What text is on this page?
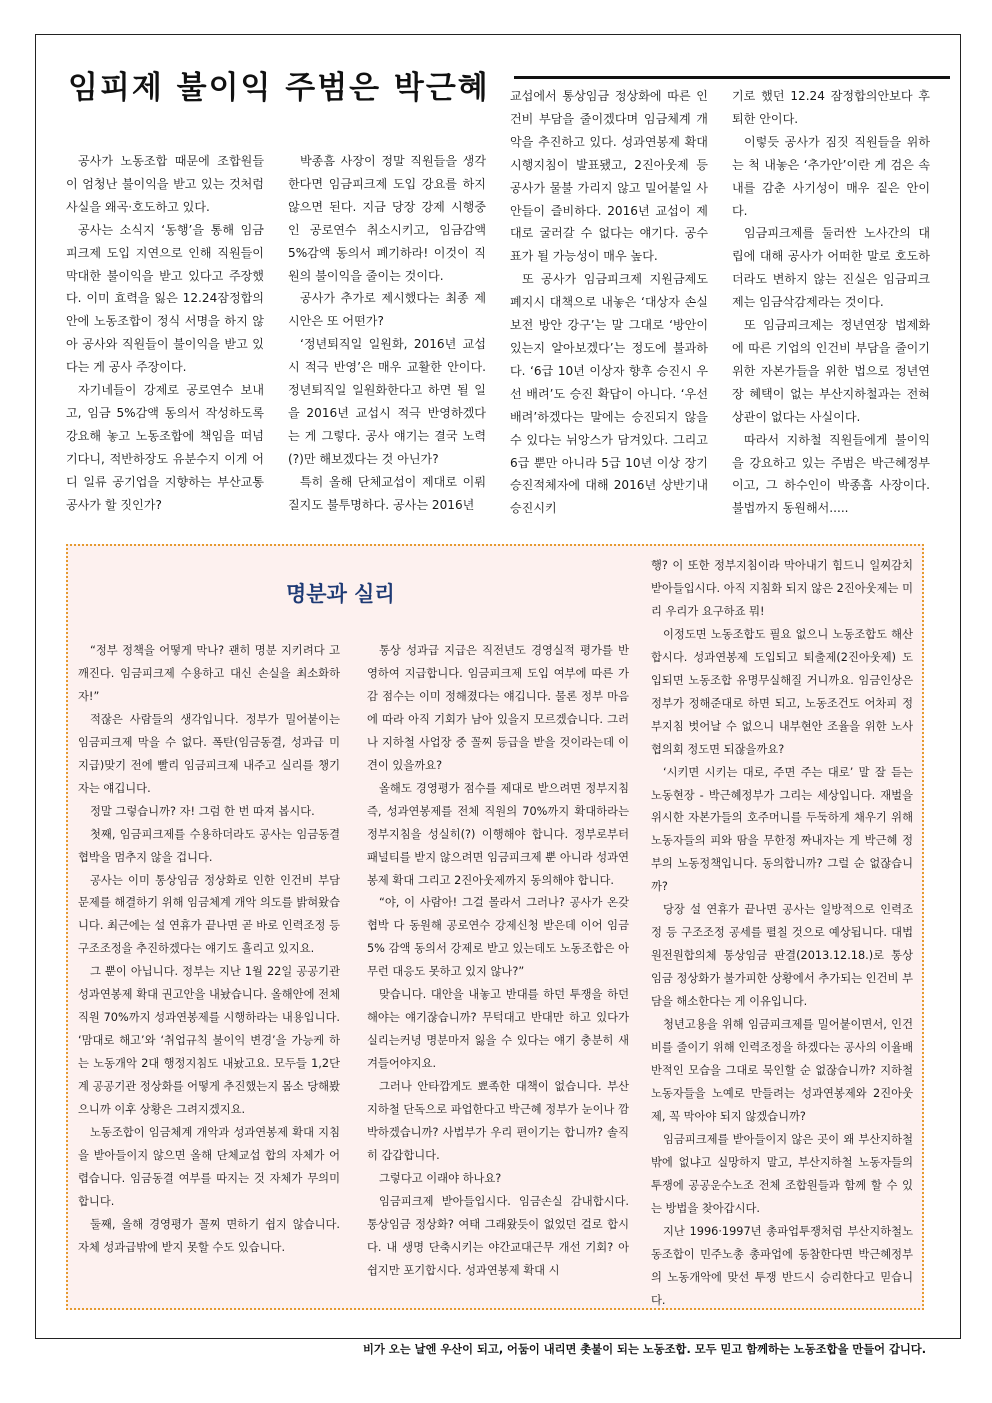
임피제 불이익 주범은 박근혜

공사가 노동조합 때문에 조합원들이 엄청난 불이익을 받고 있는 것처럼 사실을 왜곡·호도하고 있다.

공사는 소식지 ‘동행’을 통해 임금피크제 도입 지연으로 인해 직원들이 막대한 불이익을 받고 있다고 주장했다. 이미 효력을 잃은 12.24잠정합의안에 노동조합이 정식 서명을 하지 않아 공사와 직원들이 불이익을 받고 있다는 게 공사 주장이다.

자기네들이 강제로 공로연수 보내고, 임금 5%감액 동의서 작성하도록 강요해 놓고 노동조합에 책임을 떠넘기다니, 적반하장도 유분수지 이게 어디 일류 공기업을 지향하는 부산교통공사가 할 짓인가?

박종흠 사장이 정말 직원들을 생각한다면 임금피크제 도입 강요를 하지 않으면 된다. 지금 당장 강제 시행중인 공로연수 취소시키고, 임금감액 5%감액 동의서 폐기하라! 이것이 직원의 불이익을 줄이는 것이다.

공사가 추가로 제시했다는 최종 제시안은 또 어떤가?

‘정년퇴직일 일원화, 2016년 교섭시 적극 반영’은 매우 교활한 안이다. 정년퇴직일 일원화한다고 하면 될 일을 2016년 교섭시 적극 반영하겠다는 게 그렇다. 공사 얘기는 결국 노력(?)만 해보겠다는 것 아닌가?

특히 올해 단체교섭이 제대로 이뤄질지도 불투명하다. 공사는 2016년

교섭에서 통상임금 정상화에 따른 인건비 부담을 줄이겠다며 임금체계 개악을 추진하고 있다. 성과연봉제 확대 시행지침이 발표됐고, 2진아웃제 등 공사가 물불 가리지 않고 밀어붙일 사안들이 즐비하다. 2016년 교섭이 제대로 굴러갈 수 없다는 얘기다. 공수표가 될 가능성이 매우 높다.

또 공사가 임금피크제 지원금제도 폐지시 대책으로 내놓은 ‘대상자 손실보전 방안 강구’는 말 그대로 ‘방안이 있는지 알아보겠다’는 정도에 불과하다. ‘6급 10년 이상자 향후 승진시 우선 배려’도 승진 확답이 아니다. ‘우선 배려’하겠다는 말에는 승진되지 않을 수 있다는 뉘앙스가 담겨있다. 그리고 6급 뿐만 아니라 5급 10년 이상 장기승진적체자에 대해 2016년 상반기내 승진시키

기로 했던 12.24 잠정합의안보다 후퇴한 안이다.

이렇듯 공사가 짐짓 직원들을 위하는 척 내놓은 ‘추가안’이란 게 검은 속내를 감춘 사기성이 매우 짙은 안이다.

임금피크제를 둘러싼 노사간의 대립에 대해 공사가 어떠한 말로 호도하더라도 변하지 않는 진실은 임금피크제는 임금삭감제라는 것이다.

또 임금피크제는 정년연장 법제화에 따른 기업의 인건비 부담을 줄이기 위한 자본가들을 위한 법으로 정년연장 혜택이 없는 부산지하철과는 전혀 상관이 없다는 사실이다.

따라서 지하철 직원들에게 불이익을 강요하고 있는 주범은 박근혜정부이고, 그 하수인이 박종흠 사장이다. 불법까지 동원해서.....

명분과 실리

“정부 정책을 어떻게 막나? 괜히 명분 지키려다 고 깨진다. 임금피크제 수용하고 대신 손실을 최소화하자!”

적잖은 사람들의 생각입니다. 정부가 밀어붙이는 임금피크제 막을 수 없다. 폭탄(임금동결, 성과급 미지급)맞기 전에 빨리 임금피크제 내주고 실리를 챙기자는 얘깁니다.

정말 그렇습니까? 자! 그럼 한 번 따져 봅시다.

첫째, 임금피크제를 수용하더라도 공사는 임금동결 협박을 멈추지 않을 겁니다.

공사는 이미 통상임금 정상화로 인한 인건비 부담 문제를 해결하기 위해 임금체계 개악 의도를 밝혀왔습니다. 최근에는 설 연휴가 끝나면 곧 바로 인력조정 등 구조조정을 추진하겠다는 얘기도 흘리고 있지요.

그 뿐이 아닙니다. 정부는 지난 1월 22일 공공기관 성과연봉제 확대 권고안을 내놨습니다. 올해안에 전체 직원 70%까지 성과연봉제를 시행하라는 내용입니다. ‘맘대로 해고’와 ‘취업규칙 불이익 변경’을 가능케 하는 노동개악 2대 행정지침도 내놨고요. 모두들 1,2단계 공공기관 정상화를 어떻게 추진했는지 몸소 당해봤으니까 이후 상황은 그려지겠지요.

노동조합이 임금체계 개악과 성과연봉제 확대 지침을 받아들이지 않으면 올해 단체교섭 합의 자체가 어렵습니다. 임금동결 여부를 따지는 것 자체가 무의미합니다.

둘째, 올해 경영평가 꼴찌 면하기 쉽지 않습니다. 자체 성과급밖에 받지 못할 수도 있습니다.

통상 성과급 지급은 직전년도 경영실적 평가를 반영하여 지급합니다. 임금피크제 도입 여부에 따른 가감 점수는 이미 정해졌다는 얘깁니다. 물론 정부 마음에 따라 아직 기회가 남아 있을지 모르겠습니다. 그러나 지하철 사업장 중 꼴찌 등급을 받을 것이라는데 이견이 있을까요?

올해도 경영평가 점수를 제대로 받으려면 정부지침 즉, 성과연봉제를 전체 직원의 70%까지 확대하라는 정부지침을 성실히(?) 이행해야 합니다. 정부로부터 패널티를 받지 않으려면 임금피크제 뿐 아니라 성과연봉제 확대 그리고 2진아웃제까지 동의해야 합니다.

“야, 이 사람아! 그걸 몰라서 그러나? 공사가 온갖 협박 다 동원해 공로연수 강제신청 받은데 이어 임금 5% 감액 동의서 강제로 받고 있는데도 노동조합은 아무런 대응도 못하고 있지 않나?”

맞습니다. 대안을 내놓고 반대를 하던 투쟁을 하던 해야는 얘기잖습니까? 무턱대고 반대만 하고 있다가 실리는커녕 명분마저 잃을 수 있다는 얘기 충분히 새겨들어야지요.

그러나 안타깝게도 뾰족한 대책이 없습니다. 부산지하철 단독으로 파업한다고 박근혜 정부가 눈이나 깜박하겠습니까? 사법부가 우리 편이기는 합니까? 솔직히 갑갑합니다.

그렇다고 이래야 하나요?

임금피크제 받아들입시다. 임금손실 감내합시다. 통상임금 정상화? 여태 그래왔듯이 없었던 걸로 합시다. 내 생명 단축시키는 야간교대근무 개선 기회? 아쉽지만 포기합시다. 성과연봉제 확대 시

행? 이 또한 정부지침이라 막아내기 힘드니 일찌감치 받아들입시다. 아직 지침화 되지 않은 2진아웃제는 미리 우리가 요구하죠 뭐!

이정도면 노동조합도 필요 없으니 노동조합도 해산합시다. 성과연봉제 도입되고 퇴출제(2진아웃제) 도입되면 노동조합 유명무실해질 거니까요. 임금인상은 정부가 정해준대로 하면 되고, 노동조건도 어차피 정부지침 벗어날 수 없으니 내부현안 조율을 위한 노사협의회 정도면 되잖을까요?

‘시키면 시키는 대로, 주면 주는 대로’ 말 잘 듣는 노동현장 - 박근혜정부가 그리는 세상입니다. 재벌을 위시한 자본가들의 호주머니를 두둑하게 채우기 위해 노동자들의 피와 땀을 무한정 짜내자는 게 박근혜 정부의 노동정책입니다. 동의합니까? 그럴 순 없잖습니까?

당장 설 연휴가 끝나면 공사는 일방적으로 인력조정 등 구조조정 공세를 펼칠 것으로 예상됩니다. 대법원전원합의체 통상임금 판결(2013.12.18.)로 통상임금 정상화가 불가피한 상황에서 추가되는 인건비 부담을 해소한다는 게 이유입니다.

청년고용을 위해 임금피크제를 밀어붙이면서, 인건비를 줄이기 위해 인력조정을 하겠다는 공사의 이율배반적인 모습을 그대로 묵인할 순 없잖습니까? 지하철노동자들을 노예로 만들려는 성과연봉제와 2진아웃제, 꼭 막아야 되지 않겠습니까?

임금피크제를 받아들이지 않은 곳이 왜 부산지하철밖에 없냐고 실망하지 말고, 부산지하철 노동자들의 투쟁에 공공운수노조 전체 조합원들과 함께 할 수 있는 방법을 찾아갑시다.

지난 1996·1997년 총파업투쟁처럼 부산지하철노동조합이 민주노총 총파업에 동참한다면 박근혜정부의 노동개악에 맞선 투쟁 반드시 승리한다고 믿습니다.

비가 오는 날엔 우산이 되고, 어둠이 내리면 촛불이 되는 노동조합. 모두 믿고 함께하는 노동조합을 만들어 갑니다.
